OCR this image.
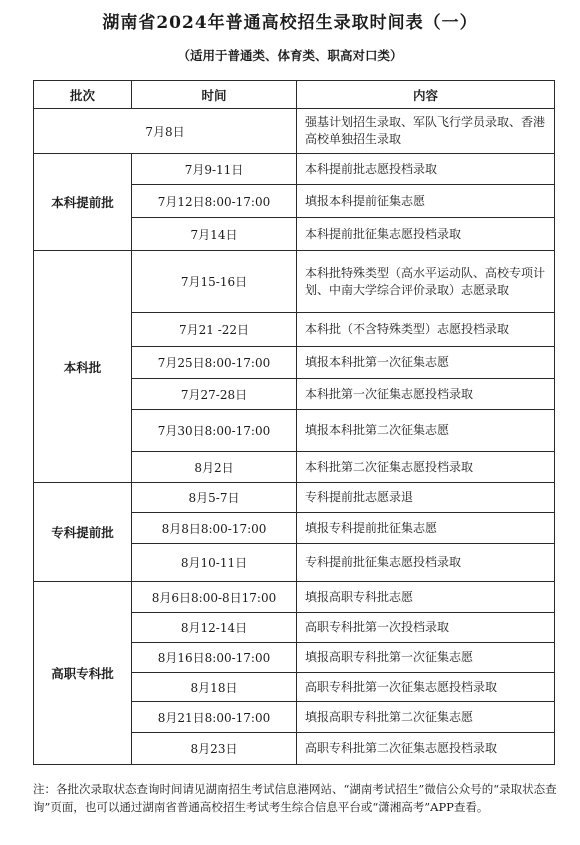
湖南省2024年普通高校招生录取时间表（一）
（适用于普通类、体育类、职高对口类）
批次	时间	内容
7月8日		强基计划招生录取、军队飞行学员录取、香港高校单独招生录取
本科提前批	7月9-11日	本科提前批志愿投档录取
	7月12日8:00-17:00	填报本科提前征集志愿
	7月14日	本科提前批征集志愿投档录取
本科批	7月15-16日	本科批特殊类型（高水平运动队、高校专项计划、中南大学综合评价录取）志愿录取
	7月21 -22日	本科批（不含特殊类型）志愿投档录取
	7月25日8:00-17:00	填报本科批第一次征集志愿
	7月27-28日	本科批第一次征集志愿投档录取
	7月30日8:00-17:00	填报本科批第二次征集志愿
	8月2日	本科批第二次征集志愿投档录取
专科提前批	8月5-7日	专科提前批志愿录退
	8月8日8:00-17:00	填报专科提前批征集志愿
	8月10-11日	专科提前批征集志愿投档录取
高职专科批	8月6日8:00-8日17:00	填报高职专科批志愿
	8月12-14日	高职专科批第一次投档录取
	8月16日8:00-17:00	填报高职专科批第一次征集志愿
	8月18日	高职专科批第一次征集志愿投档录取
	8月21日8:00-17:00	填报高职专科批第二次征集志愿
	8月23日	高职专科批第二次征集志愿投档录取
注：各批次录取状态查询时间请见湖南招生考试信息港网站、“湖南考试招生”微信公众号的“录取状态查询”页面，也可以通过湖南省普通高校招生考试考生综合信息平台或“潇湘高考”APP查看。
